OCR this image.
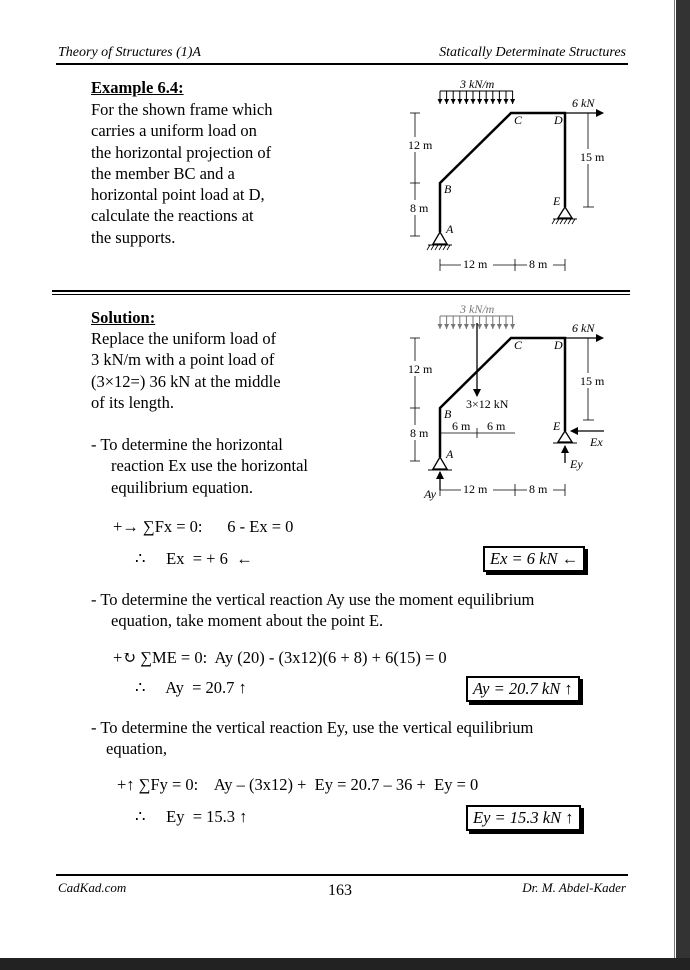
Theory of Structures (1)A	Statically Determinate Structures
Example 6.4:
For the shown frame which
carries a uniform load on
the horizontal projection of
the member BC and a
horizontal point load at D,
calculate the reactions at
the supports.
3 kN/m
6 kN
C	D
B
E
A
12 m
8 m
15 m
12 m	8 m
Solution:
Replace the uniform load of
3 kN/m with a point load of
(3×12=) 36 kN at the middle
of its length.
- To determine the horizontal
reaction Ex use the horizontal
equilibrium equation.
3 kN/m
3×12 kN
6 m 6 m
6 kN
C	D
B
E
A
Ay
Ex
Ey
12 m
8 m
15 m
12 m	8 m
+→ ∑Fx = 0:      6 - Ex = 0
∴     Ex  = + 6  ←	Ex = 6 kN ←
- To determine the vertical reaction Ay use the moment equilibrium
equation, take moment about the point E.
+↻ ∑ME = 0:  Ay (20) - (3x12)(6 + 8) + 6(15) = 0
∴     Ay  = 20.7 ↑	Ay = 20.7 kN ↑
- To determine the vertical reaction Ey, use the vertical equilibrium
equation,
+↑ ∑Fy = 0:    Ay – (3x12) +  Ey = 20.7 – 36 +  Ey = 0
∴     Ey  = 15.3 ↑	Ey = 15.3 kN ↑
CadKad.com	163	Dr. M. Abdel-Kader
